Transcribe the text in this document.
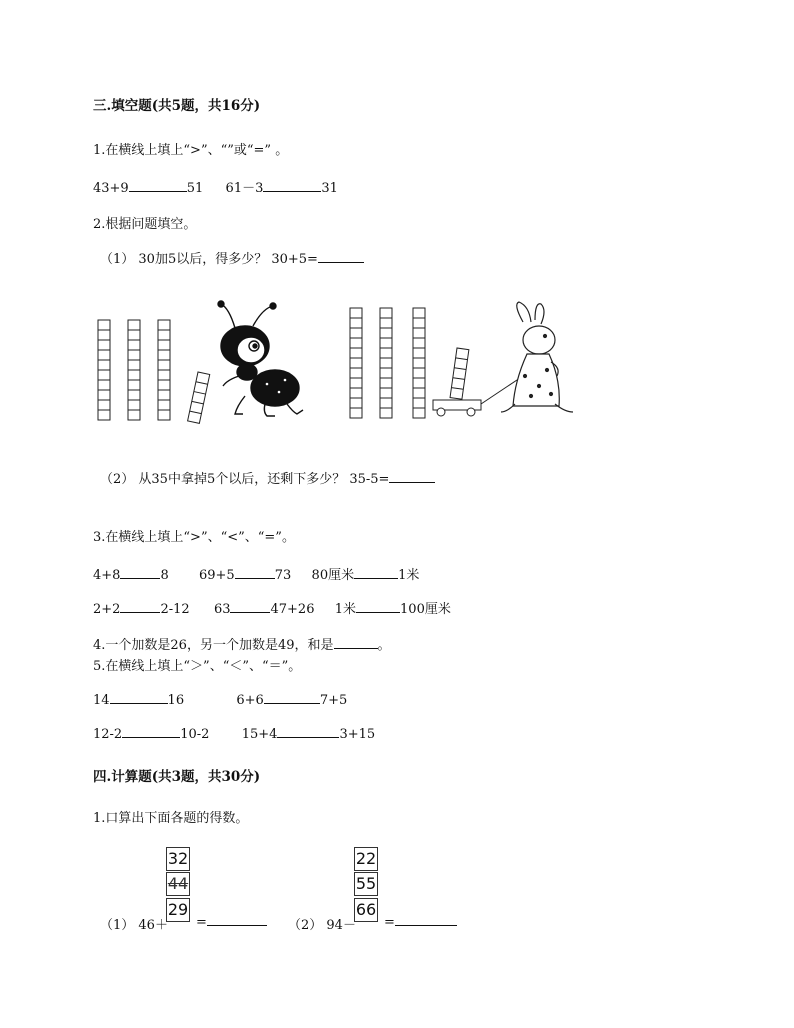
三.填空题(共5题，共16分)
1.在横线上填上“>”、“”或“=” 。
43+9	51 61－3	31
2.根据问题填空。
（1） 30加5以后，得多少？ 30+5=
（2） 从35中拿掉5个以后，还剩下多少？ 35-5=
3.在横线上填上“>”、“<”、“=”。
4+8	8 69+5	73 80厘米	1米
2+2	2-12 63	47+26 1米	100厘米
4.一个加数是26，另一个加数是49，和是	。
5.在横线上填上“＞”、“＜”、“＝”。
14	16	6+6	7+5
12-2	10-2 15+4	3+15
四.计算题(共3题，共30分)
1.口算出下面各题的得数。
32
44
29
（1） 46＋ =
22
55
66
（2） 94－ =
